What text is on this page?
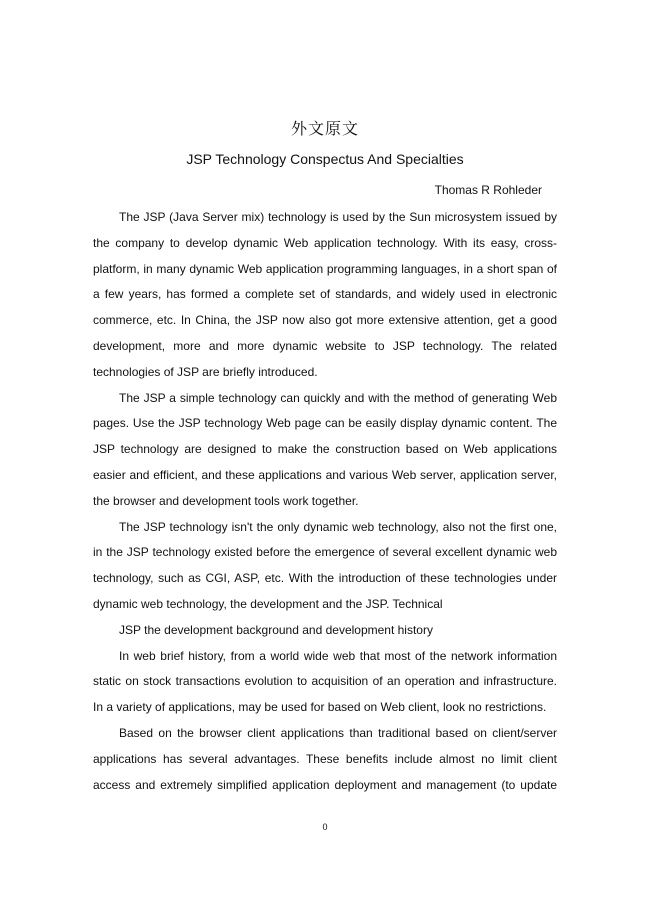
外文原文
JSP Technology Conspectus And Specialties
Thomas R Rohleder

The JSP (Java Server mix) technology is used by the Sun microsystem issued by the company to develop dynamic Web application technology. With its easy, cross-platform, in many dynamic Web application programming languages, in a short span of a few years, has formed a complete set of standards, and widely used in electronic commerce, etc. In China, the JSP now also got more extensive attention, get a good development, more and more dynamic website to JSP technology. The related technologies of JSP are briefly introduced.

The JSP a simple technology can quickly and with the method of generating Web pages. Use the JSP technology Web page can be easily display dynamic content. The JSP technology are designed to make the construction based on Web applications easier and efficient, and these applications and various Web server, application server, the browser and development tools work together.

The JSP technology isn't the only dynamic web technology, also not the first one, in the JSP technology existed before the emergence of several excellent dynamic web technology, such as CGI, ASP, etc. With the introduction of these technologies under dynamic web technology, the development and the JSP. Technical

JSP the development background and development history

In web brief history, from a world wide web that most of the network information static on stock transactions evolution to acquisition of an operation and infrastructure. In a variety of applications, may be used for based on Web client, look no restrictions.

Based on the browser client applications than traditional based on client/server applications has several advantages. These benefits include almost no limit client access and extremely simplified application deployment and management (to update

0
